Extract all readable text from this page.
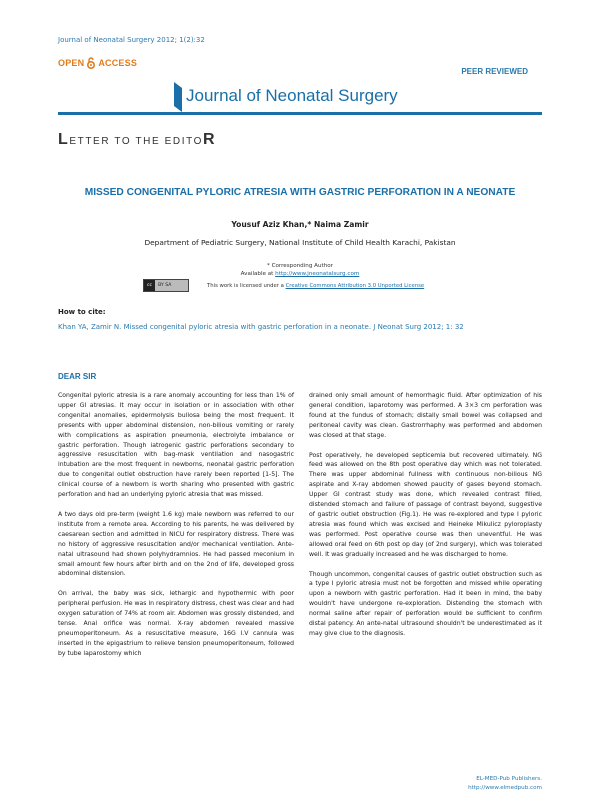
Journal of Neonatal Surgery 2012; 1(2):32
OPEN ACCESS
PEER REVIEWED
Journal of Neonatal Surgery
LETTER TO THE EDITOR
MISSED CONGENITAL PYLORIC ATRESIA WITH GASTRIC PERFORATION IN A NEONATE
Yousuf Aziz Khan,* Naima Zamir
Department of Pediatric Surgery, National Institute of Child Health Karachi, Pakistan
* Corresponding Author
Available at http://www.jneonatalsurg.com
cc	BY SA	This work is licensed under a Creative Commons Attribution 3.0 Unported License
How to cite:
Khan YA, Zamir N. Missed congenital pyloric atresia with gastric perforation in a neonate. J Neonat Surg 2012; 1: 32
DEAR SIR

Congenital pyloric atresia is a rare anomaly accounting for less than 1% of upper GI atresias. It may occur in isolation or in association with other congenital anomalies, epidermolysis bullosa being the most frequent. It presents with upper abdominal distension, non-bilious vomiting or rarely with complications as aspiration pneumonia, electrolyte imbalance or gastric perforation. Though iatrogenic gastric perforations secondary to aggressive resuscitation with bag-mask ventilation and nasogastric intubation are the most frequent in newborns, neonatal gastric perforation due to congenital outlet obstruction have rarely been reported [1-5]. The clinical course of a newborn is worth sharing who presented with gastric perforation and had an underlying pyloric atresia that was missed.

A two days old pre-term (weight 1.6 kg) male newborn was referred to our institute from a remote area. According to his parents, he was delivered by caesarean section and admitted in NICU for respiratory distress. There was no history of aggressive resuscitation and/or mechanical ventilation. Ante-natal ultrasound had shown polyhydramnios. He had passed meconium in small amount few hours after birth and on the 2nd of life, developed gross abdominal distension.

On arrival, the baby was sick, lethargic and hypothermic with poor peripheral perfusion. He was in respiratory distress, chest was clear and had oxygen saturation of 74% at room air. Abdomen was grossly distended, and tense. Anal orifice was normal. X-ray abdomen revealed massive pneumoperitoneum. As a resuscitative measure, 16G I.V cannula was inserted in the epigastrium to relieve tension pneumoperitoneum, followed by tube laparostomy which

drained only small amount of hemorrhagic fluid. After optimization of his general condition, laparotomy was performed. A 3×3 cm perforation was found at the fundus of stomach; distally small bowel was collapsed and peritoneal cavity was clean. Gastrorrhaphy was performed and abdomen was closed at that stage.

Post operatively, he developed septicemia but recovered ultimately. NG feed was allowed on the 8th post operative day which was not tolerated. There was upper abdominal fullness with continuous non-bilious NG aspirate and X-ray abdomen showed paucity of gases beyond stomach. Upper GI contrast study was done, which revealed contrast filled, distended stomach and failure of passage of contrast beyond, suggestive of gastric outlet obstruction (Fig.1). He was re-explored and type I pyloric atresia was found which was excised and Heineke Mikulicz pyloroplasty was performed. Post operative course was then uneventful. He was allowed oral feed on 6th post op day (of 2nd surgery), which was tolerated well. It was gradually increased and he was discharged to home.

Though uncommon, congenital causes of gastric outlet obstruction such as a type I pyloric atresia must not be forgotten and missed while operating upon a newborn with gastric perforation. Had it been in mind, the baby wouldn't have undergone re-exploration. Distending the stomach with normal saline after repair of perforation would be sufficient to confirm distal patency. An ante-natal ultrasound shouldn't be underestimated as it may give clue to the diagnosis.

EL-MED-Pub Publishers.
http://www.elmedpub.com
